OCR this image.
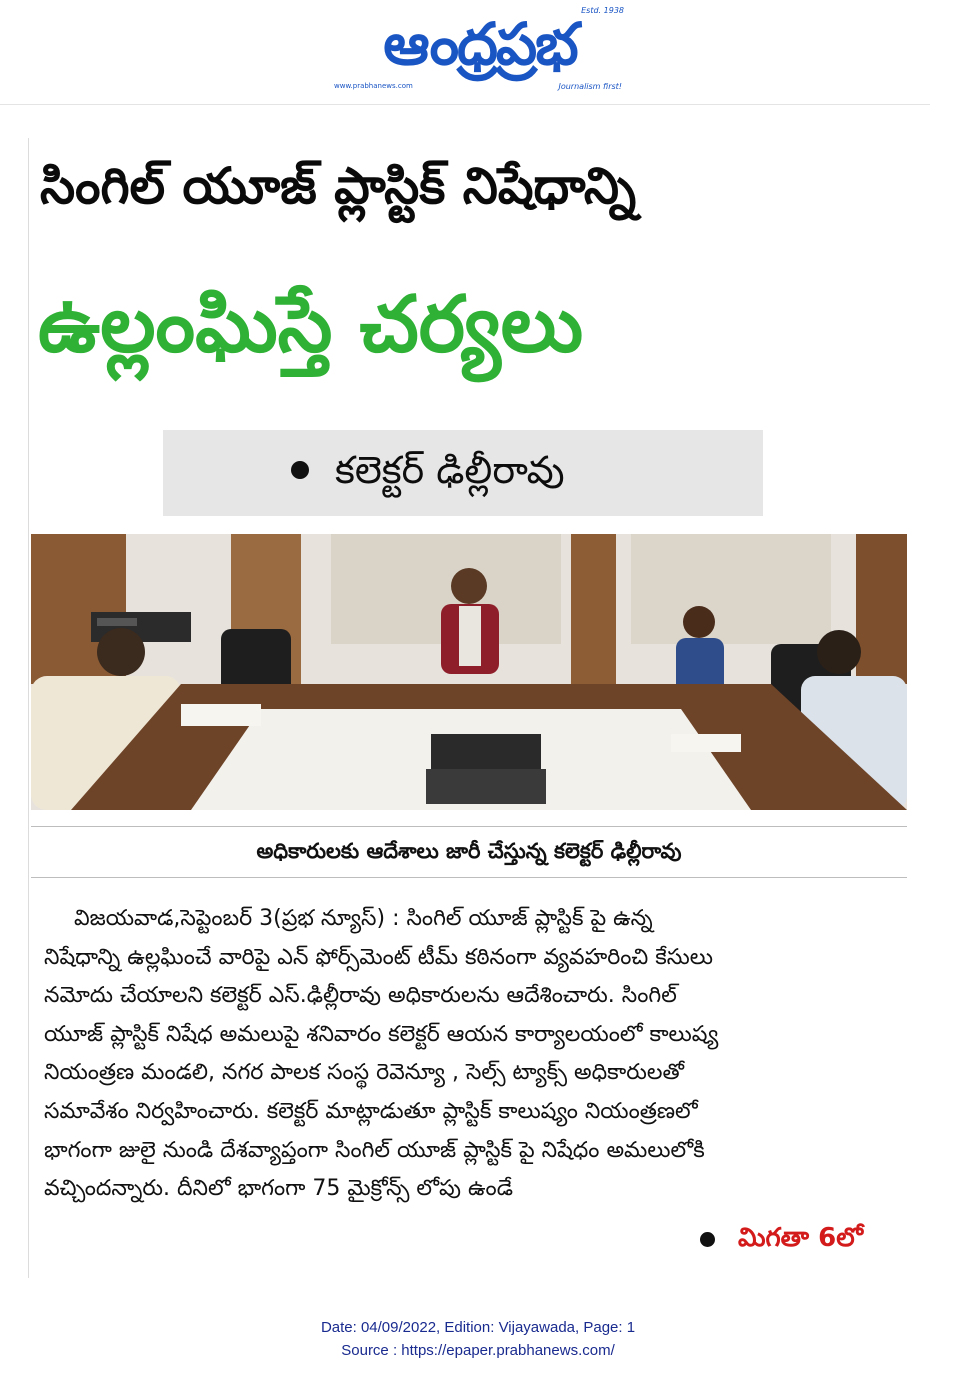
ఆంధ్రప్రభ Estd. 1938
www.prabhanews.com	Journalism first!
సింగిల్ యూజ్ ప్లాస్టిక్ నిషేధాన్ని
ఉల్లంఘిస్తే చర్యలు
కలెక్టర్ ఢిల్లీరావు
అధికారులకు ఆదేశాలు జారీ చేస్తున్న కలెక్టర్ ఢిల్లీరావు
విజయవాడ,సెప్టెంబర్ 3(ప్రభ న్యూస్) : సింగిల్ యూజ్ ప్లాస్టిక్ పై ఉన్న
నిషేధాన్ని ఉల్లఘించే వారిపై ఎన్ ఫోర్స్‌మెంట్ టీమ్ కఠినంగా వ్యవహరించి కేసులు
నమోదు చేయాలని కలెక్టర్ ఎస్.ఢిల్లీరావు అధికారులను ఆదేశించారు. సింగిల్
యూజ్ ప్లాస్టిక్ నిషేధ అమలుపై శనివారం కలెక్టర్ ఆయన కార్యాలయంలో కాలుష్య
నియంత్రణ మండలి, నగర పాలక సంస్థ రెవెన్యూ , సెల్స్ ట్యాక్స్ అధికారులతో
సమావేశం నిర్వహించారు. కలెక్టర్ మాట్లాడుతూ ప్లాస్టిక్ కాలుష్యం నియంత్రణలో
భాగంగా జులై నుండి దేశవ్యాప్తంగా సింగిల్ యూజ్ ప్లాస్టిక్ పై నిషేధం అమలులోకి
వచ్చిందన్నారు. దీనిలో భాగంగా 75 మైక్రోన్స్ లోపు ఉండే
మిగతా 6లో
Date: 04/09/2022, Edition: Vijayawada, Page: 1
Source : https://epaper.prabhanews.com/
